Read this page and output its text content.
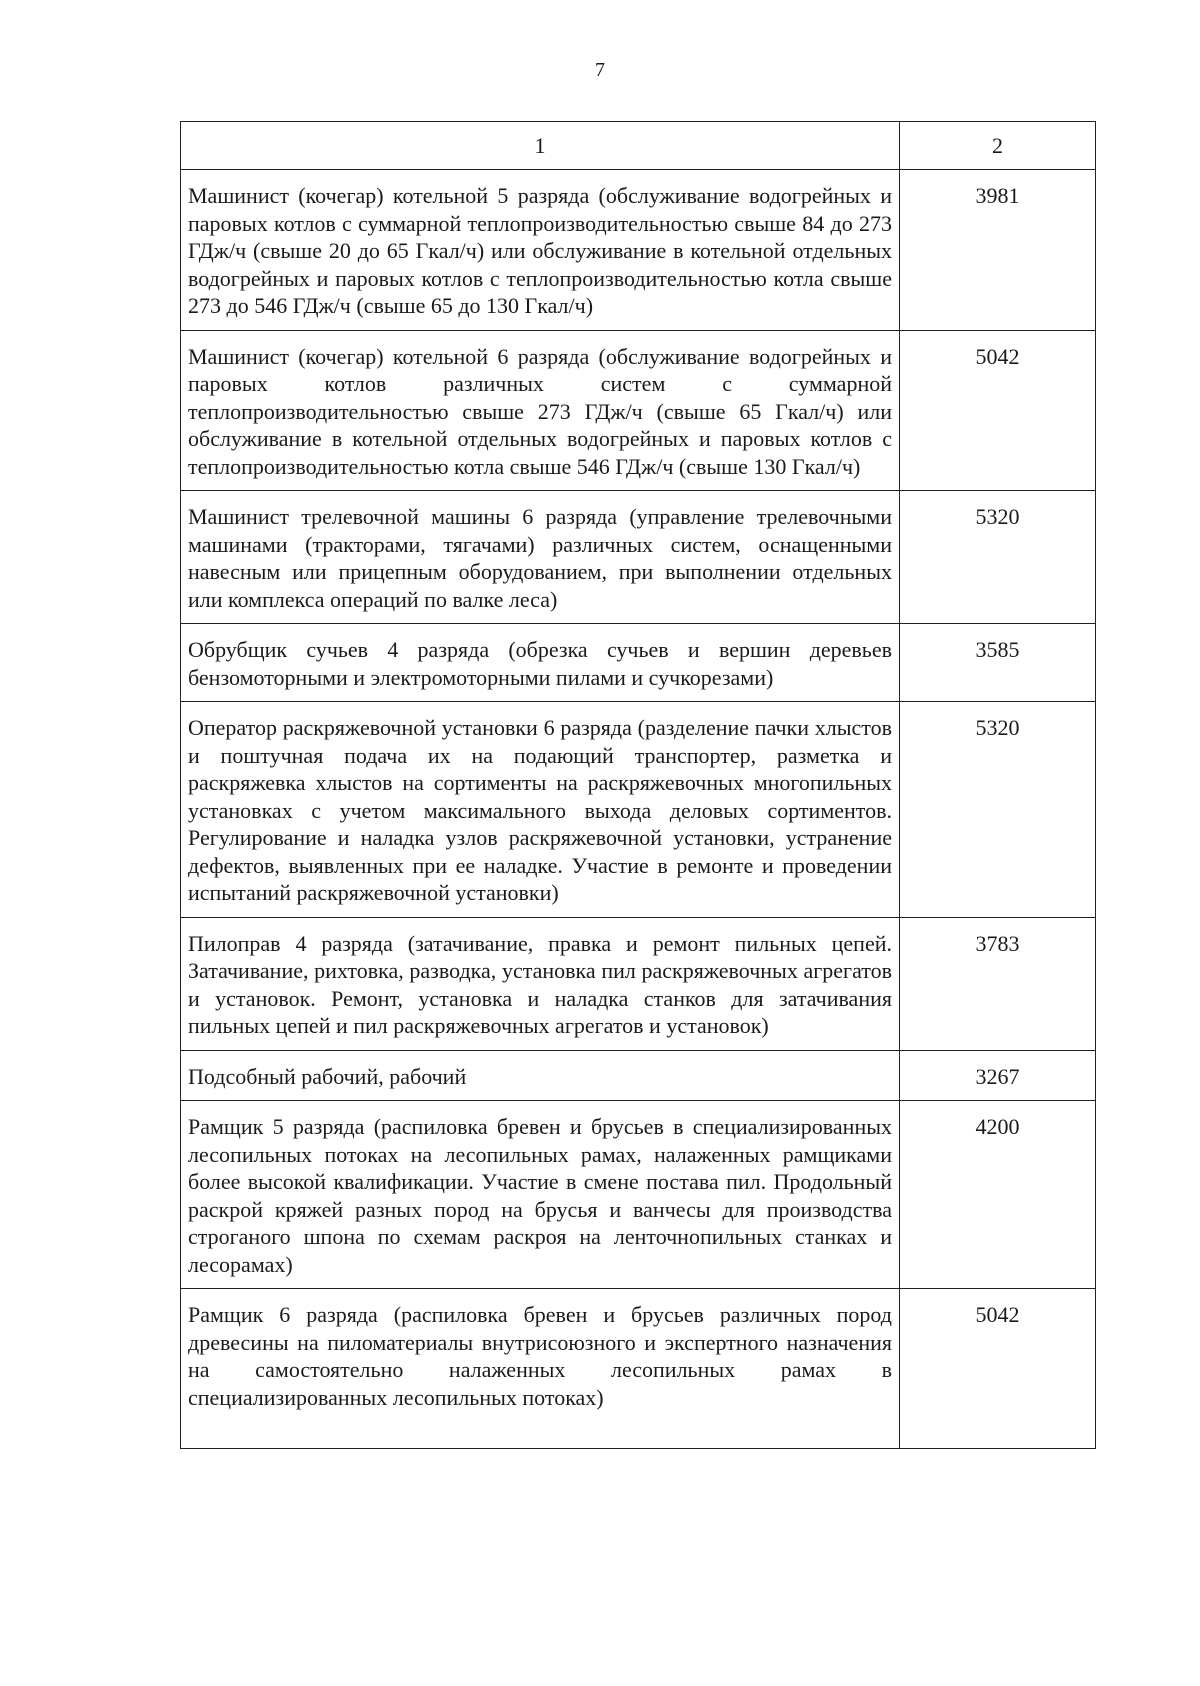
7
1	2
Машинист (кочегар) котельной 5 разряда (обслуживание водогрейных и паровых котлов с суммарной теплопроизводительностью свыше 84 до 273 ГДж/ч (свыше 20 до 65 Гкал/ч) или обслуживание в котельной отдельных водогрейных и паровых котлов с теплопроизводительностью котла свыше 273 до 546 ГДж/ч (свыше 65 до 130 Гкал/ч)	3981
Машинист (кочегар) котельной 6 разряда (обслуживание водогрейных и паровых котлов различных систем с суммарной теплопроизводительностью свыше 273 ГДж/ч (свыше 65 Гкал/ч) или обслуживание в котельной отдельных водогрейных и паровых котлов с теплопроизводительностью котла свыше 546 ГДж/ч (свыше 130 Гкал/ч)	5042
Машинист трелевочной машины 6 разряда (управление трелевочными машинами (тракторами, тягачами) различных систем, оснащенными навесным или прицепным оборудованием, при выполнении отдельных или комплекса операций по валке леса)	5320
Обрубщик сучьев 4 разряда (обрезка сучьев и вершин деревьев бензомоторными и электромоторными пилами и сучкорезами)	3585
Оператор раскряжевочной установки 6 разряда (разделение пачки хлыстов и поштучная подача их на подающий транспортер, разметка и раскряжевка хлыстов на сортименты на раскряжевочных многопильных установках с учетом максимального выхода деловых сортиментов. Регулирование и наладка узлов раскряжевочной установки, устранение дефектов, выявленных при ее наладке. Участие в ремонте и проведении испытаний раскряжевочной установки)	5320
Пилоправ 4 разряда (затачивание, правка и ремонт пильных цепей. Затачивание, рихтовка, разводка, установка пил раскряжевочных агрегатов и установок. Ремонт, установка и наладка станков для затачивания пильных цепей и пил раскряжевочных агрегатов и установок)	3783
Подсобный рабочий, рабочий	3267
Рамщик 5 разряда (распиловка бревен и брусьев в специализированных лесопильных потоках на лесопильных рамах, налаженных рамщиками более высокой квалификации. Участие в смене постава пил. Продольный раскрой кряжей разных пород на брусья и ванчесы для производства строганого шпона по схемам раскроя на ленточнопильных станках и лесорамах)	4200
Рамщик 6 разряда (распиловка бревен и брусьев различных пород древесины на пиломатериалы внутрисоюзного и экспертного назначения на самостоятельно налаженных лесопильных рамах в специализированных лесопильных потоках)	5042
